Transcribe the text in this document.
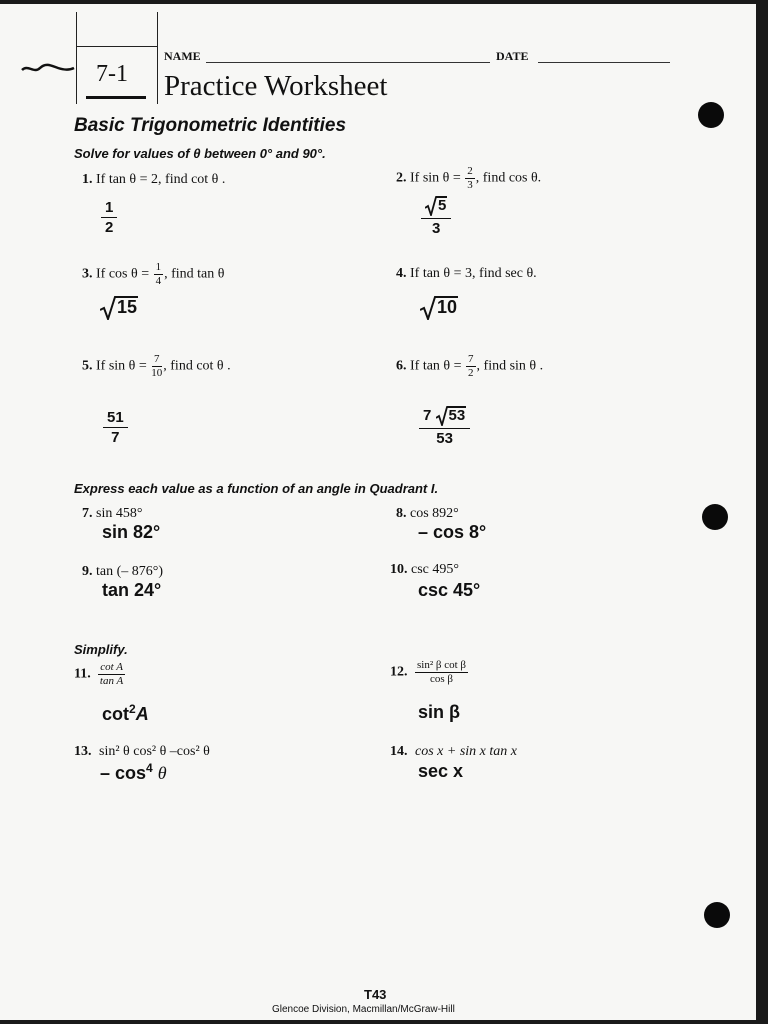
7-1
NAME	DATE
Practice Worksheet
Basic Trigonometric Identities
Solve for values of θ between 0° and 90°.
1. If tan θ = 2, find cot θ .
$\frac{1}{2}$
2. If $\sin \theta = \frac{2}{3}$ , find cos θ.
$\frac{5}{3}$
3. If $\cos \theta = \frac{1}{4}$ , find tan θ
15
4. If tan θ = 3, find sec θ.
10
5. If $\sin \theta = \frac{7}{10}$ , find cot θ .
$\frac{51}{7}$
6. If $\tan \theta = \frac{7}{2}$ , find sin θ .
$\frac{7 53}{53}$
Express each value as a function of an angle in Quadrant I.
7. sin 458°
sin 82°
8. cos 892°
– cos 8°
9. tan (– 876°)
tan 24°
10. csc 495°
csc 45°
Simplify.
11. $\frac{\text{cot A}}{\text{tan A}}$
$\cot^2A$
12. $\frac{\text{sin² β cot β}}{\text{cos β}}$
sin β
13. sin² θ cos² θ –cos² θ
– $\cos^4 \theta$
14. cos x + sin x tan x
sec x
T43
Glencoe Division, Macmillan/McGraw-Hill
